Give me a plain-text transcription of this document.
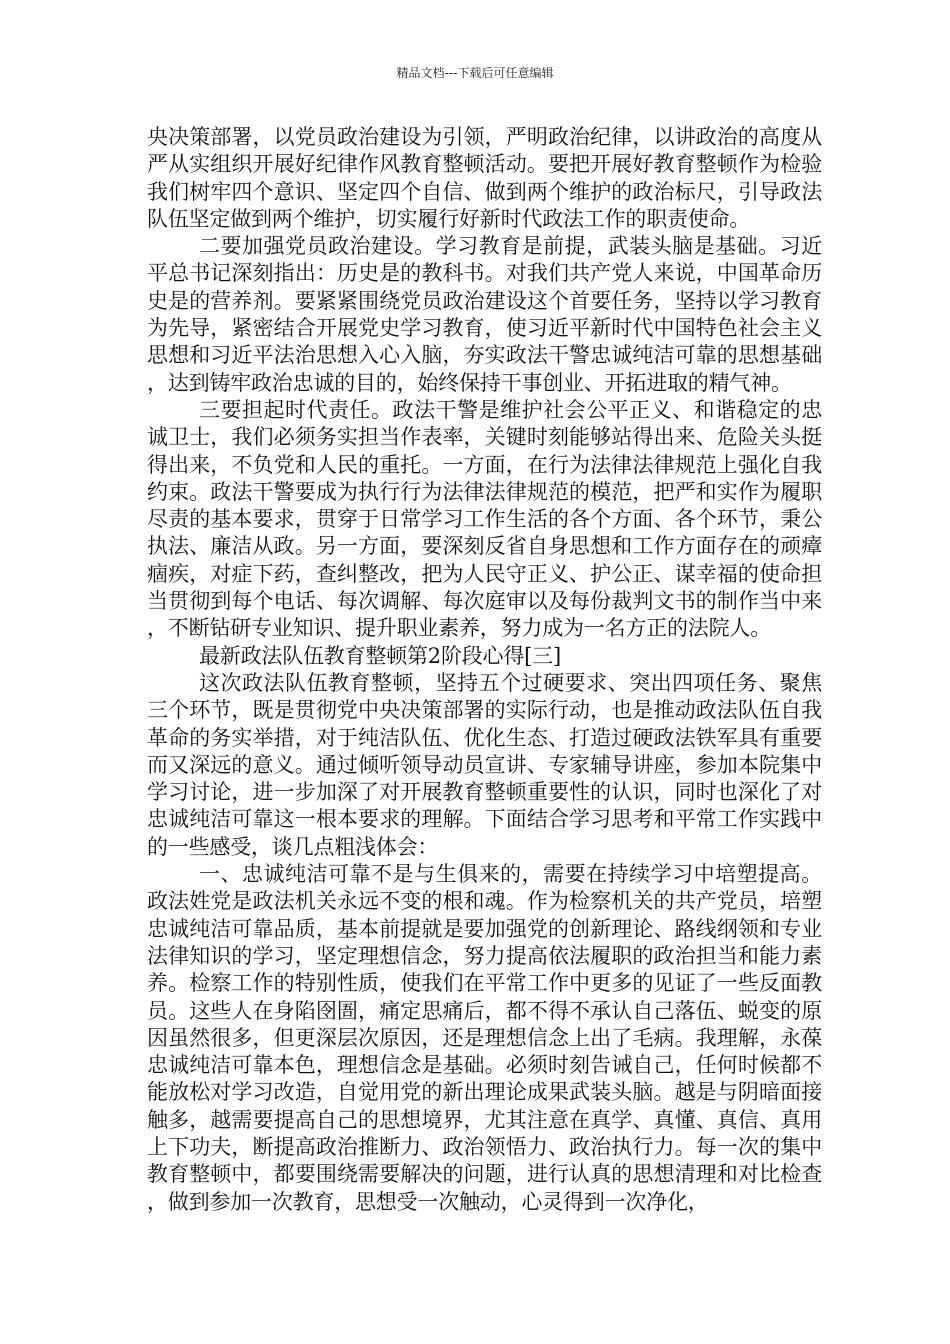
精品文档---下载后可任意编辑

央决策部署，以党员政治建设为引领，严明政治纪律，以讲政治的高度从严从实组织开展好纪律作风教育整顿活动。要把开展好教育整顿作为检验我们树牢四个意识、坚定四个自信、做到两个维护的政治标尺，引导政法队伍坚定做到两个维护，切实履行好新时代政法工作的职责使命。

二要加强党员政治建设。学习教育是前提，武装头脑是基础。习近平总书记深刻指出：历史是的教科书。对我们共产党人来说，中国革命历史是的营养剂。要紧紧围绕党员政治建设这个首要任务，坚持以学习教育为先导，紧密结合开展党史学习教育，使习近平新时代中国特色社会主义思想和习近平法治思想入心入脑，夯实政法干警忠诚纯洁可靠的思想基础，达到铸牢政治忠诚的目的，始终保持干事创业、开拓进取的精气神。

三要担起时代责任。政法干警是维护社会公平正义、和谐稳定的忠诚卫士，我们必须务实担当作表率，关键时刻能够站得出来、危险关头挺得出来，不负党和人民的重托。一方面，在行为法律法律规范上强化自我约束。政法干警要成为执行行为法律法律规范的模范，把严和实作为履职尽责的基本要求，贯穿于日常学习工作生活的各个方面、各个环节，秉公执法、廉洁从政。另一方面，要深刻反省自身思想和工作方面存在的顽瘴痼疾，对症下药，查纠整改，把为人民守正义、护公正、谋幸福的使命担当贯彻到每个电话、每次调解、每次庭审以及每份裁判文书的制作当中来，不断钻研专业知识、提升职业素养，努力成为一名方正的法院人。

最新政法队伍教育整顿第2阶段心得[三]

这次政法队伍教育整顿，坚持五个过硬要求、突出四项任务、聚焦三个环节，既是贯彻党中央决策部署的实际行动，也是推动政法队伍自我革命的务实举措，对于纯洁队伍、优化生态、打造过硬政法铁军具有重要而又深远的意义。通过倾听领导动员宣讲、专家辅导讲座，参加本院集中学习讨论，进一步加深了对开展教育整顿重要性的认识，同时也深化了对忠诚纯洁可靠这一根本要求的理解。下面结合学习思考和平常工作实践中的一些感受，谈几点粗浅体会：

一、忠诚纯洁可靠不是与生俱来的，需要在持续学习中培塑提高。政法姓党是政法机关永远不变的根和魂。作为检察机关的共产党员，培塑忠诚纯洁可靠品质，基本前提就是要加强党的创新理论、路线纲领和专业法律知识的学习，坚定理想信念，努力提高依法履职的政治担当和能力素养。检察工作的特别性质，使我们在平常工作中更多的见证了一些反面教员。这些人在身陷囹圄，痛定思痛后，都不得不承认自己落伍、蜕变的原因虽然很多，但更深层次原因，还是理想信念上出了毛病。我理解，永葆忠诚纯洁可靠本色，理想信念是基础。必须时刻告诫自己，任何时候都不能放松对学习改造，自觉用党的新出理论成果武装头脑。越是与阴暗面接触多，越需要提高自己的思想境界，尤其注意在真学、真懂、真信、真用上下功夫，断提高政治推断力、政治领悟力、政治执行力。每一次的集中教育整顿中，都要围绕需要解决的问题，进行认真的思想清理和对比检查，做到参加一次教育，思想受一次触动，心灵得到一次净化，
